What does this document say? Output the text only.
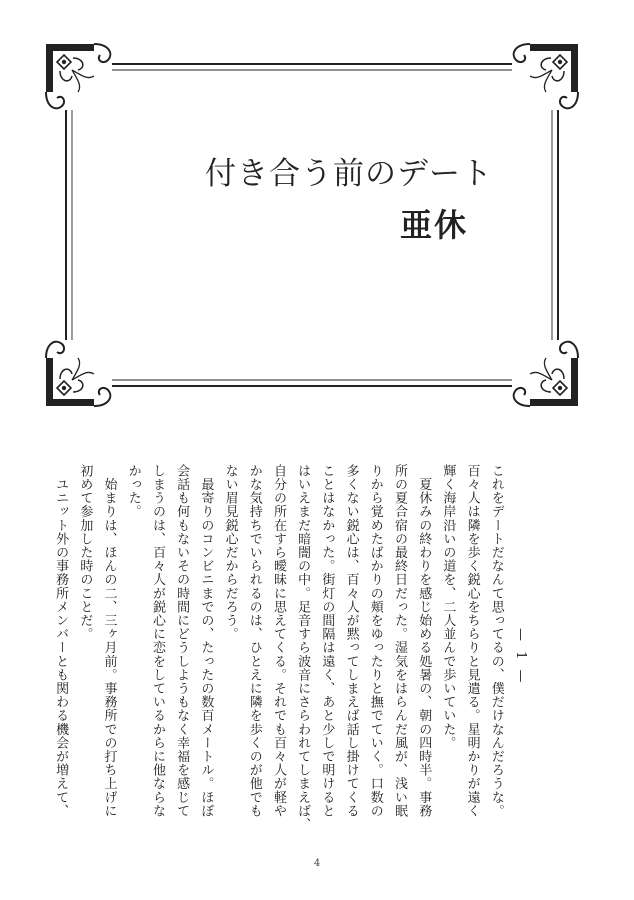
付き合う前のデート
亜休

— 1 —

これをデートだなんて思ってるの、僕だけなんだろうな。

百々人は隣を歩く鋭心をちらりと見遣る。星明かりが遠く

輝く海岸沿いの道を、二人並んで歩いていた。

　夏休みの終わりを感じ始める処暑の、朝の四時半。事務

所の夏合宿の最終日だった。湿気をはらんだ風が、浅い眠

りから覚めたばかりの頬をゆったりと撫でていく。口数の

多くない鋭心は、百々人が黙ってしまえば話し掛けてくる

ことはなかった。街灯の間隔は遠く、あと少しで明けると

はいえまだ暗闇の中。足音すら波音にさらわれてしまえば、

自分の所在すら曖昧に思えてくる。それでも百々人が軽や

かな気持ちでいられるのは、ひとえに隣を歩くのが他でも

ない眉見鋭心だからだろう。

　最寄りのコンビニまでの、たったの数百メートル。ほぼ

会話も何もないその時間にどうしようもなく幸福を感じて

しまうのは、百々人が鋭心に恋をしているからに他ならな

かった。

　始まりは、ほんの二、三ヶ月前。事務所での打ち上げに

初めて参加した時のことだ。

　ユニット外の事務所メンバーとも関わる機会が増えて、

4
